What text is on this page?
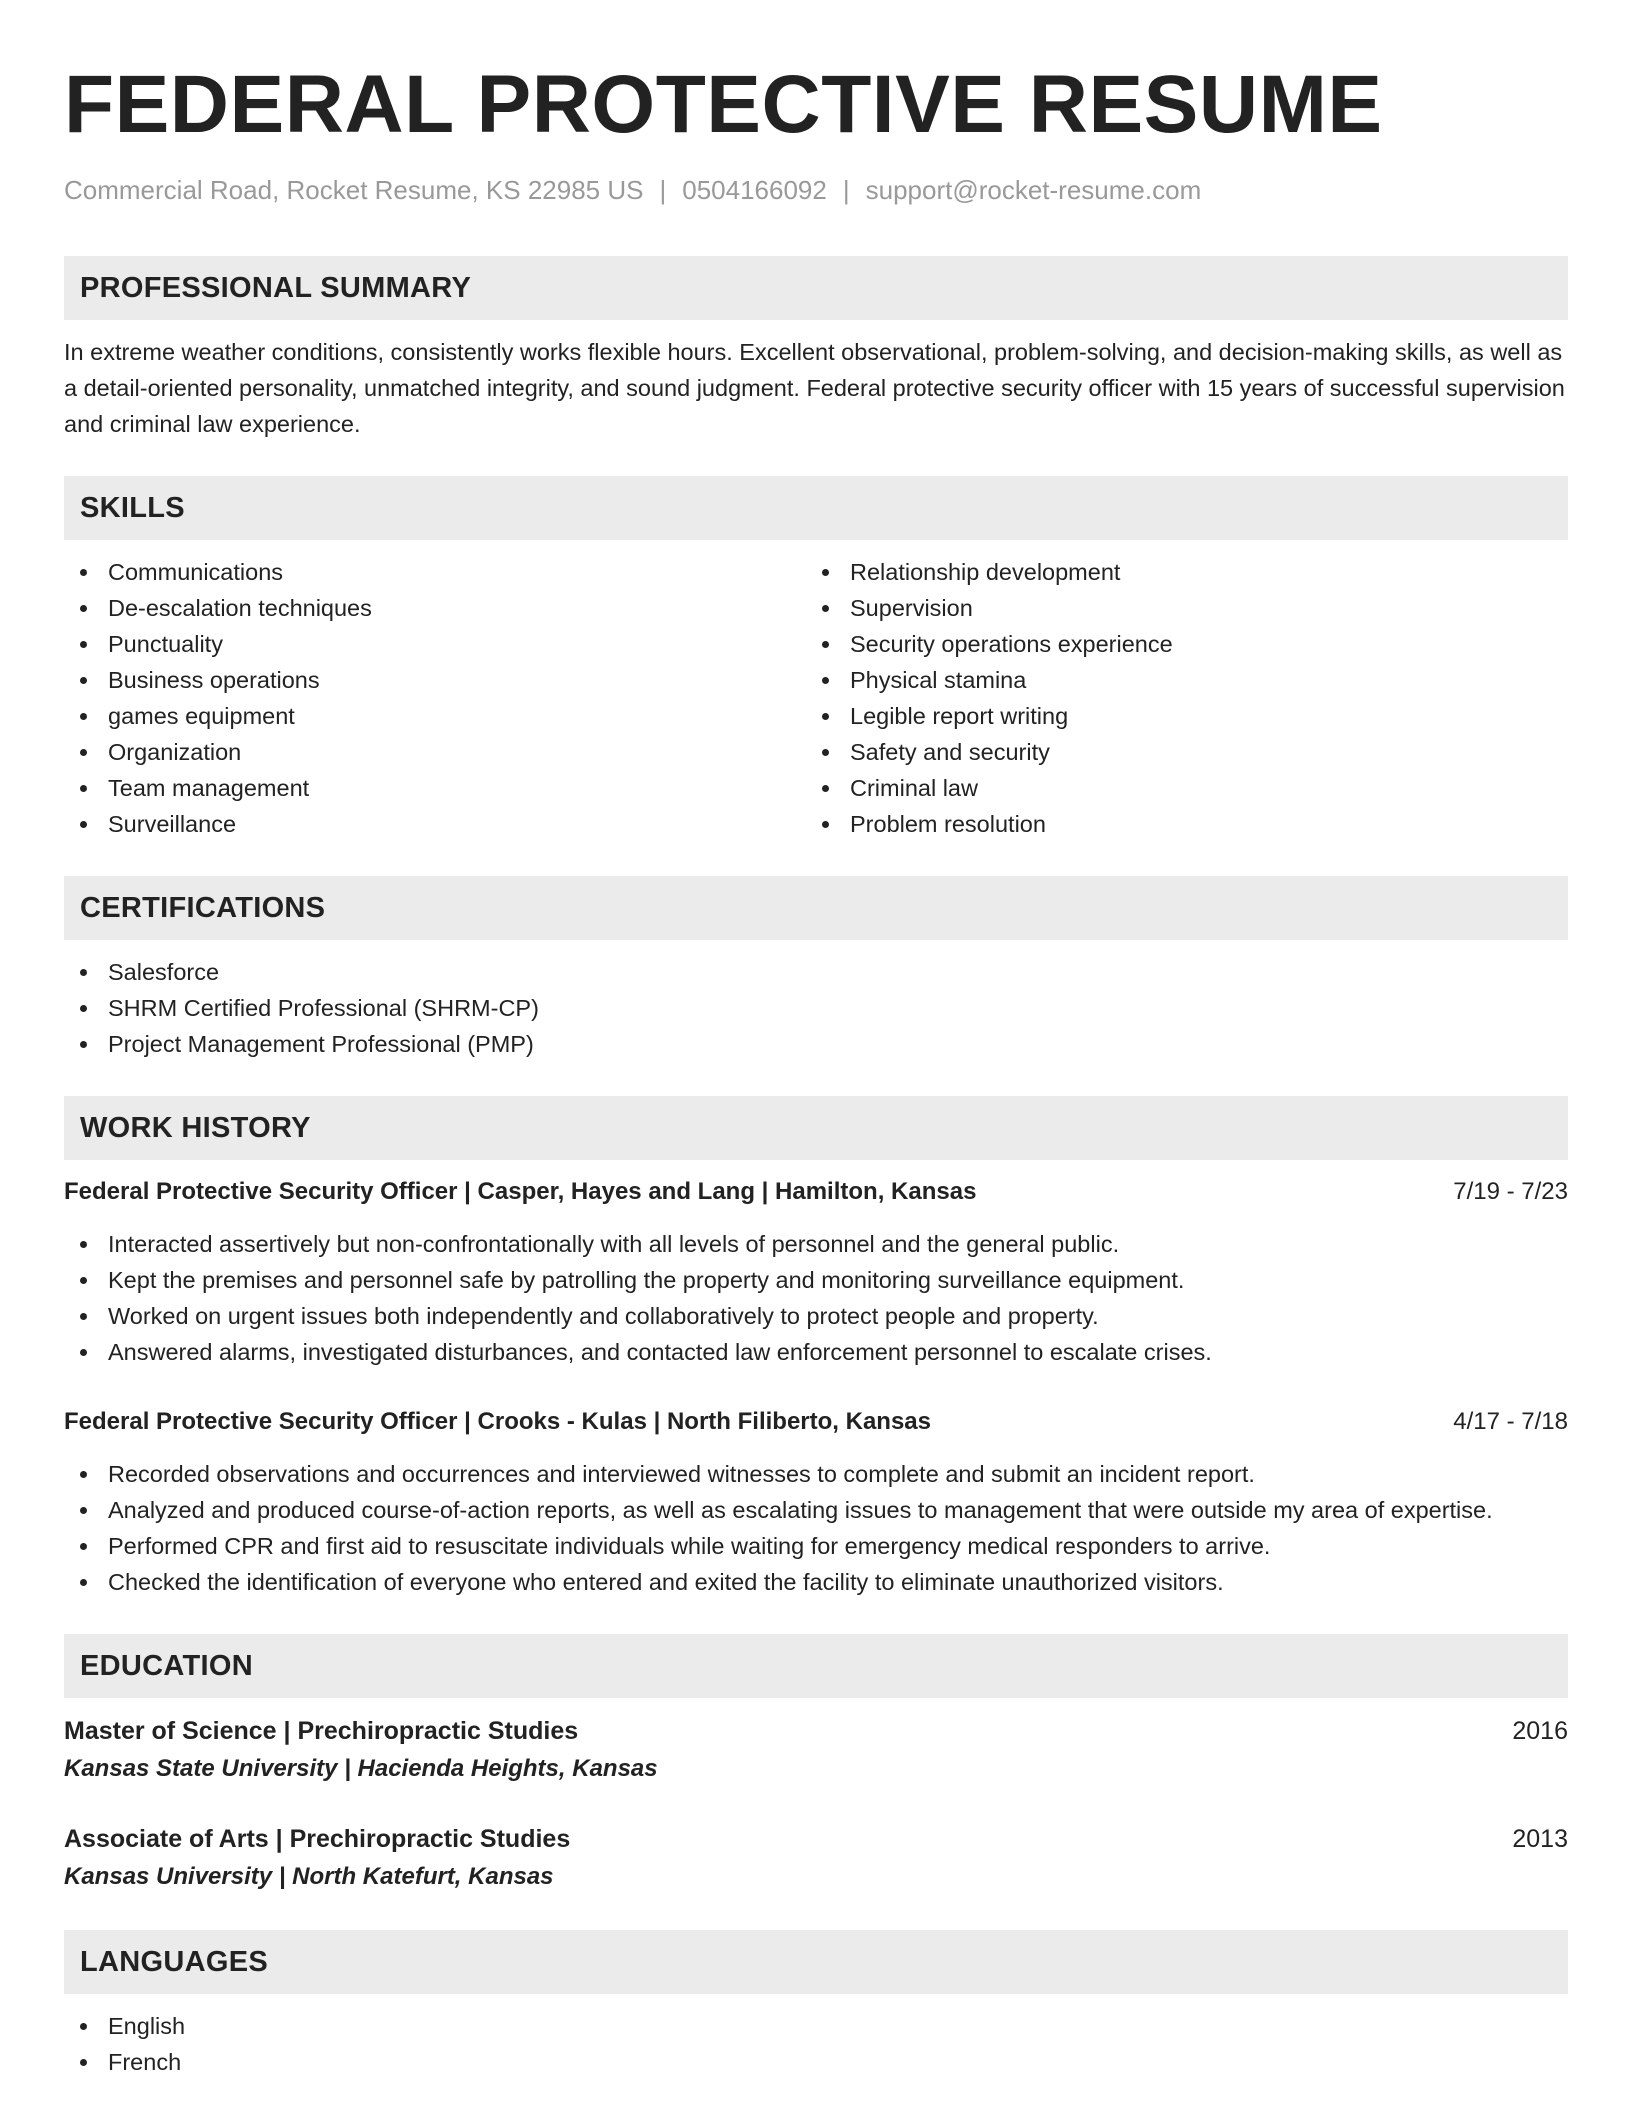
FEDERAL PROTECTIVE RESUME
Commercial Road, Rocket Resume, KS 22985 US | 0504166092 | support@rocket-resume.com
PROFESSIONAL SUMMARY

In extreme weather conditions, consistently works flexible hours. Excellent observational, problem-solving, and decision-making skills, as well as a detail-oriented personality, unmatched integrity, and sound judgment. Federal protective security officer with 15 years of successful supervision and criminal law experience.

SKILLS
Communications
De-escalation techniques
Punctuality
Business operations
games equipment
Organization
Team management
Surveillance
Relationship development
Supervision
Security operations experience
Physical stamina
Legible report writing
Safety and security
Criminal law
Problem resolution
CERTIFICATIONS
Salesforce
SHRM Certified Professional (SHRM-CP)
Project Management Professional (PMP)
WORK HISTORY
Federal Protective Security Officer | Casper, Hayes and Lang | Hamilton, Kansas	7/19 - 7/23
Interacted assertively but non-confrontationally with all levels of personnel and the general public.
Kept the premises and personnel safe by patrolling the property and monitoring surveillance equipment.
Worked on urgent issues both independently and collaboratively to protect people and property.
Answered alarms, investigated disturbances, and contacted law enforcement personnel to escalate crises.
Federal Protective Security Officer | Crooks - Kulas | North Filiberto, Kansas	4/17 - 7/18
Recorded observations and occurrences and interviewed witnesses to complete and submit an incident report.
Analyzed and produced course-of-action reports, as well as escalating issues to management that were outside my area of expertise.
Performed CPR and first aid to resuscitate individuals while waiting for emergency medical responders to arrive.
Checked the identification of everyone who entered and exited the facility to eliminate unauthorized visitors.
EDUCATION
Master of Science | Prechiropractic Studies	2016
Kansas State University | Hacienda Heights, Kansas
Associate of Arts | Prechiropractic Studies	2013
Kansas University | North Katefurt, Kansas
LANGUAGES
English
French
